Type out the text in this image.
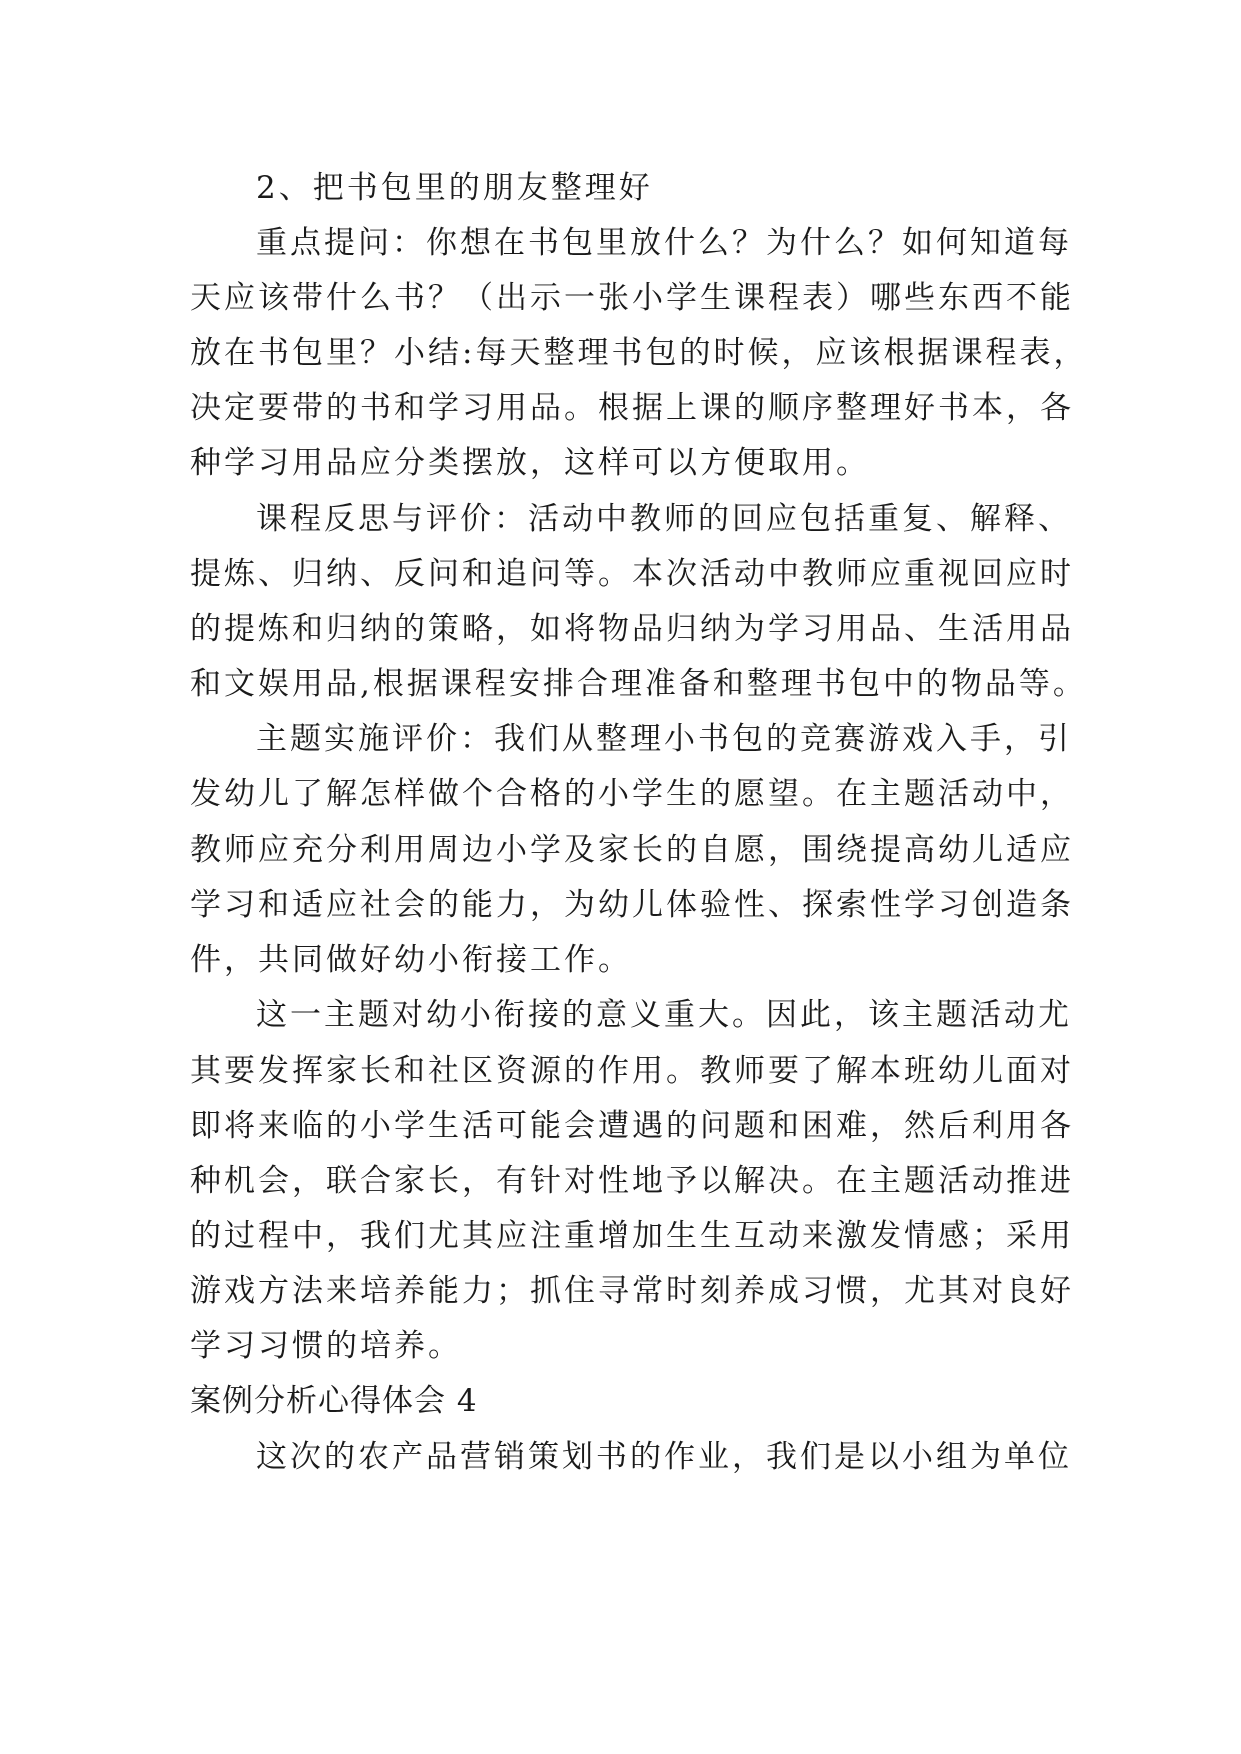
2、把书包里的朋友整理好
重点提问：你想在书包里放什么？为什么？如何知道每
天应该带什么书？（出示一张小学生课程表）哪些东西不能
放在书包里？小结:每天整理书包的时候，应该根据课程表，
决定要带的书和学习用品。根据上课的顺序整理好书本，各
种学习用品应分类摆放，这样可以方便取用。
课程反思与评价：活动中教师的回应包括重复、解释、
提炼、归纳、反问和追问等。本次活动中教师应重视回应时
的提炼和归纳的策略，如将物品归纳为学习用品、生活用品
和文娱用品,根据课程安排合理准备和整理书包中的物品等。
主题实施评价：我们从整理小书包的竞赛游戏入手，引
发幼儿了解怎样做个合格的小学生的愿望。在主题活动中，
教师应充分利用周边小学及家长的自愿，围绕提高幼儿适应
学习和适应社会的能力，为幼儿体验性、探索性学习创造条
件，共同做好幼小衔接工作。
这一主题对幼小衔接的意义重大。因此，该主题活动尤
其要发挥家长和社区资源的作用。教师要了解本班幼儿面对
即将来临的小学生活可能会遭遇的问题和困难，然后利用各
种机会，联合家长，有针对性地予以解决。在主题活动推进
的过程中，我们尤其应注重增加生生互动来激发情感；采用
游戏方法来培养能力；抓住寻常时刻养成习惯，尤其对良好
学习习惯的培养。
案例分析心得体会 4
这次的农产品营销策划书的作业，我们是以小组为单位
